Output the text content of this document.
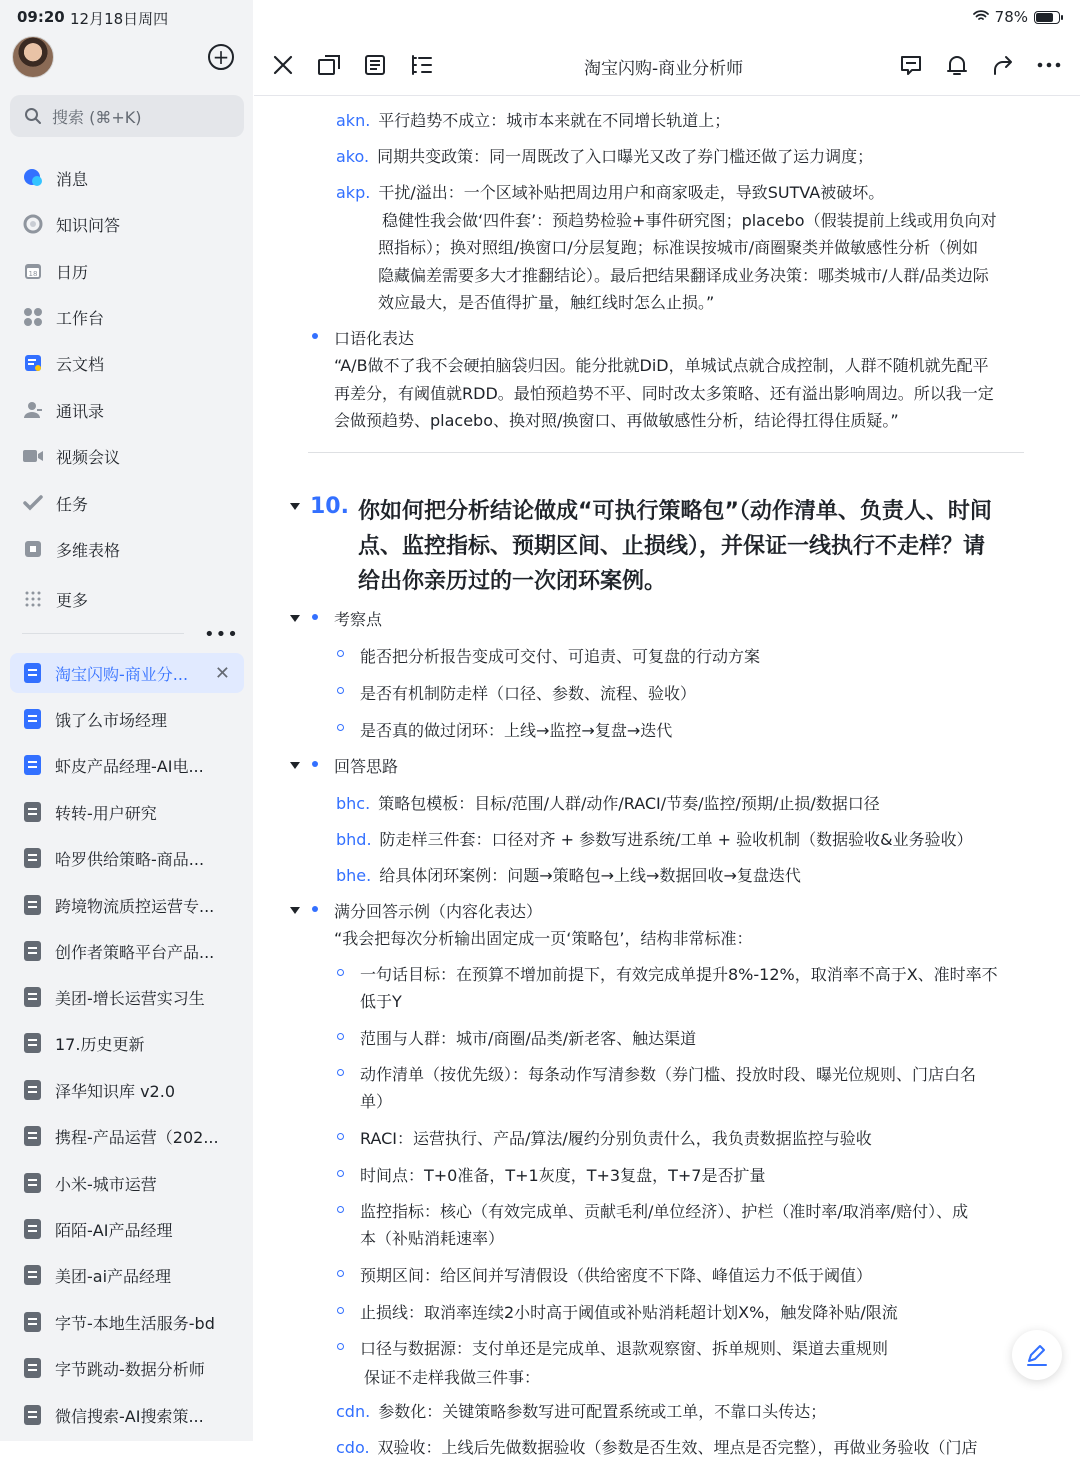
09:20 12月18日周四	78%
+
搜索 (⌘+K)
消息
知识问答
18 日历
工作台
云文档
通讯录
视频会议
任务
多维表格
更多
•••
淘宝闪购-商业分... ✕
饿了么市场经理
虾皮产品经理-AI电...
转转-用户研究
哈罗供给策略-商品...
跨境物流质控运营专...
创作者策略平台产品...
美团-增长运营实习生
17.历史更新
泽华知识库 v2.0
携程-产品运营（202...
小米-城市运营
陌陌-AI产品经理
美团-ai产品经理
字节-本地生活服务-bd
字节跳动-数据分析师
微信搜索-AI搜索策...
淘宝闪购-商业分析师
akn. 平行趋势不成立：城市本来就在不同增长轨道上；
ako. 同期共变政策：同一周既改了入口曝光又改了券门槛还做了运力调度；
akp. 干扰/溢出：一个区域补贴把周边用户和商家吸走，导致SUTVA被破坏。
稳健性我会做‘四件套’：预趋势检验+事件研究图；placebo（假装提前上线或用负向对
照指标）；换对照组/换窗口/分层复跑；标准误按城市/商圈聚类并做敏感性分析（例如
隐藏偏差需要多大才推翻结论）。最后把结果翻译成业务决策：哪类城市/人群/品类边际
效应最大，是否值得扩量，触红线时怎么止损。”
口语化表达
“A/B做不了我不会硬拍脑袋归因。能分批就DiD，单城试点就合成控制，人群不随机就先配平
再差分，有阈值就RDD。最怕预趋势不平、同时改太多策略、还有溢出影响周边。所以我一定
会做预趋势、placebo、换对照/换窗口、再做敏感性分析，结论得扛得住质疑。”
10. 你如何把分析结论做成“可执行策略包”（动作清单、负责人、时间
点、监控指标、预期区间、止损线），并保证一线执行不走样？请
给出你亲历过的一次闭环案例。
考察点
能否把分析报告变成可交付、可追责、可复盘的行动方案
是否有机制防走样（口径、参数、流程、验收）
是否真的做过闭环：上线→监控→复盘→迭代
回答思路
bhc. 策略包模板：目标/范围/人群/动作/RACI/节奏/监控/预期/止损/数据口径
bhd. 防走样三件套：口径对齐 + 参数写进系统/工单 + 验收机制（数据验收&业务验收）
bhe. 给具体闭环案例：问题→策略包→上线→数据回收→复盘迭代
满分回答示例（内容化表达）
“我会把每次分析输出固定成一页‘策略包’，结构非常标准：
一句话目标：在预算不增加前提下，有效完成单提升8%-12%，取消率不高于X、准时率不
低于Y
范围与人群：城市/商圈/品类/新老客、触达渠道
动作清单（按优先级）：每条动作写清参数（券门槛、投放时段、曝光位规则、门店白名
单）
RACI：运营执行、产品/算法/履约分别负责什么，我负责数据监控与验收
时间点：T+0准备，T+1灰度，T+3复盘，T+7是否扩量
监控指标：核心（有效完成单、贡献毛利/单位经济）、护栏（准时率/取消率/赔付）、成
本（补贴消耗速率）
预期区间：给区间并写清假设（供给密度不下降、峰值运力不低于阈值）
止损线：取消率连续2小时高于阈值或补贴消耗超计划X%，触发降补贴/限流
口径与数据源：支付单还是完成单、退款观察窗、拆单规则、渠道去重规则
保证不走样我做三件事：
cdn. 参数化：关键策略参数写进可配置系统或工单，不靠口头传达；
cdo. 双验收：上线后先做数据验收（参数是否生效、埋点是否完整），再做业务验收（门店
